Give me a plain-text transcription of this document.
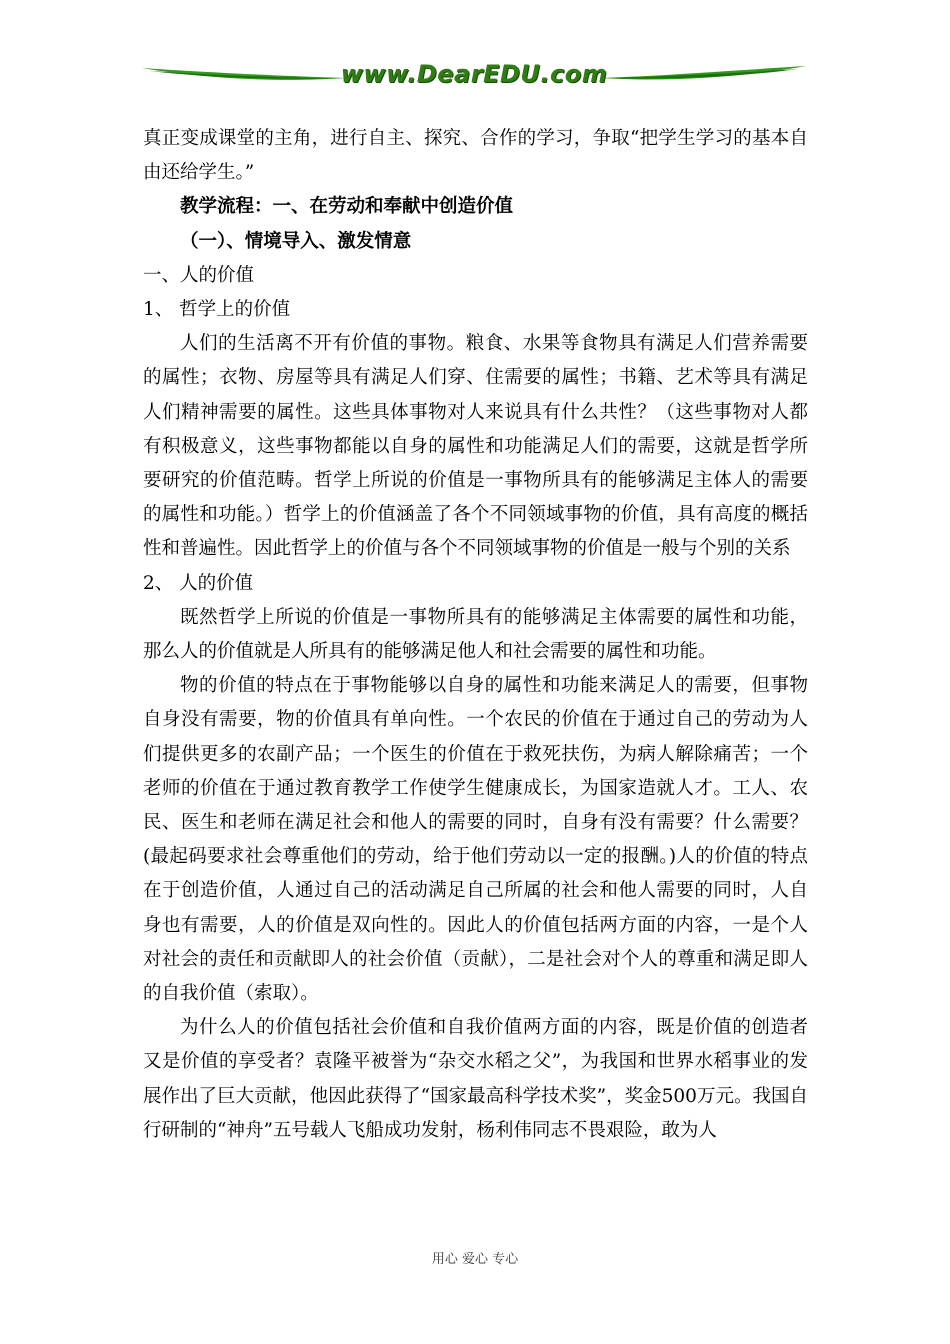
www.DearEDU.com

真正变成课堂的主角，进行自主、探究、合作的学习，争取“把学生学习的基本自由还给学生。”

教学流程：一、在劳动和奉献中创造价值

（一）、情境导入、激发情意

一、人的价值

1、 哲学上的价值

人们的生活离不开有价值的事物。粮食、水果等食物具有满足人们营养需要的属性；衣物、房屋等具有满足人们穿、住需要的属性；书籍、艺术等具有满足人们精神需要的属性。这些具体事物对人来说具有什么共性？（这些事物对人都有积极意义，这些事物都能以自身的属性和功能满足人们的需要，这就是哲学所要研究的价值范畴。哲学上所说的价值是一事物所具有的能够满足主体人的需要的属性和功能。）哲学上的价值涵盖了各个不同领域事物的价值，具有高度的概括性和普遍性。因此哲学上的价值与各个不同领域事物的价值是一般与个别的关系

2、 人的价值

既然哲学上所说的价值是一事物所具有的能够满足主体需要的属性和功能，那么人的价值就是人所具有的能够满足他人和社会需要的属性和功能。

物的价值的特点在于事物能够以自身的属性和功能来满足人的需要，但事物自身没有需要，物的价值具有单向性。一个农民的价值在于通过自己的劳动为人们提供更多的农副产品；一个医生的价值在于救死扶伤，为病人解除痛苦；一个老师的价值在于通过教育教学工作使学生健康成长，为国家造就人才。工人、农民、医生和老师在满足社会和他人的需要的同时，自身有没有需要？什么需要？(最起码要求社会尊重他们的劳动，给于他们劳动以一定的报酬。)人的价值的特点在于创造价值，人通过自己的活动满足自己所属的社会和他人需要的同时，人自身也有需要，人的价值是双向性的。因此人的价值包括两方面的内容，一是个人对社会的责任和贡献即人的社会价值（贡献），二是社会对个人的尊重和满足即人的自我价值（索取）。

为什么人的价值包括社会价值和自我价值两方面的内容，既是价值的创造者又是价值的享受者？袁隆平被誉为“杂交水稻之父”，为我国和世界水稻事业的发展作出了巨大贡献，他因此获得了“国家最高科学技术奖”，奖金500万元。我国自行研制的“神舟”五号载人飞船成功发射，杨利伟同志不畏艰险，敢为人

用心 爱心 专心
